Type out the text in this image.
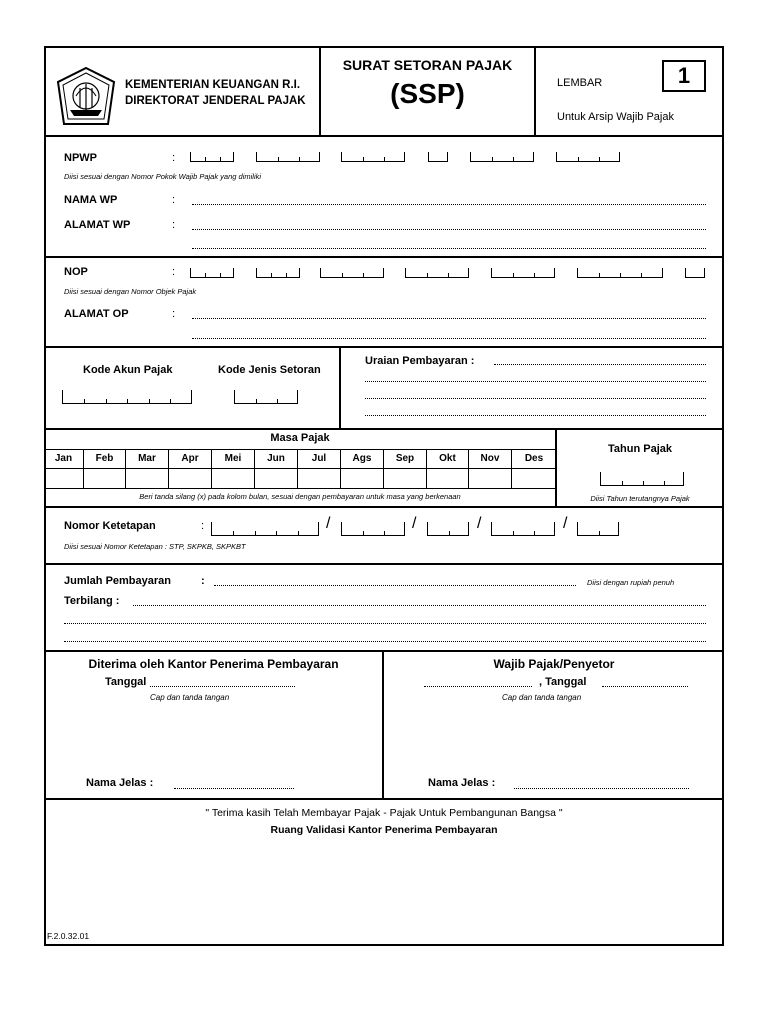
KEMENTERIAN KEUANGAN R.I.
DIREKTORAT JENDERAL PAJAK
SURAT SETORAN PAJAK
(SSP)	LEMBAR	1
Untuk Arsip Wajib Pajak
NPWP	:
Diisi sesuai dengan Nomor Pokok Wajib Pajak yang dimiliki
NAMA WP	:
ALAMAT WP	:
NOP	:
Diisi sesuai dengan Nomor Objek Pajak
ALAMAT OP	:
Kode Akun Pajak	Kode Jenis Setoran
Uraian Pembayaran :
Masa Pajak
Jan	Feb	Mar	Apr	Mei	Jun	Jul	Ags	Sep	Okt	Nov	Des
Beri tanda silang (x) pada kolom bulan, sesuai dengan pembayaran untuk masa yang berkenaan
Tahun Pajak
Diisi Tahun terutangnya Pajak
Nomor Ketetapan	:	/	/	/	/
Diisi sesuai Nomor Ketetapan : STP, SKPKB, SKPKBT
Jumlah Pembayaran	:	Diisi dengan rupiah penuh
Terbilang :
Diterima oleh Kantor Penerima Pembayaran
Tanggal
Cap dan tanda tangan
Nama Jelas :
Wajib Pajak/Penyetor
, Tanggal
Cap dan tanda tangan
Nama Jelas :
" Terima kasih Telah Membayar Pajak - Pajak Untuk Pembangunan Bangsa "
Ruang Validasi Kantor Penerima Pembayaran
F.2.0.32.01
